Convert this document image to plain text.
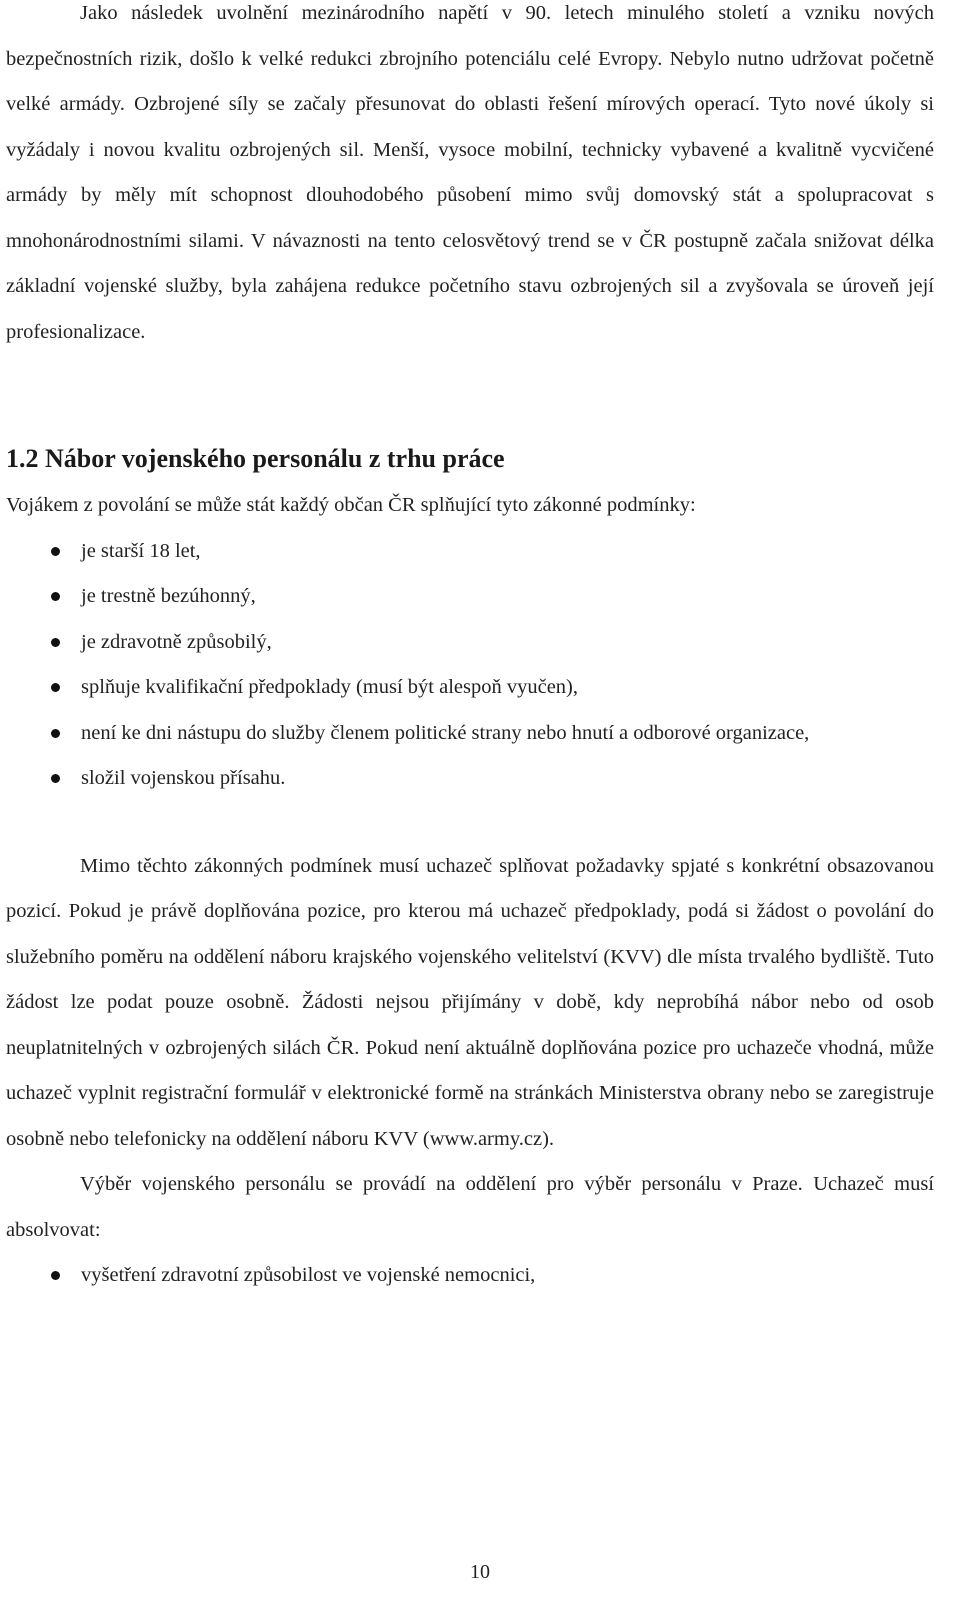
Jako následek uvolnění mezinárodního napětí v 90. letech minulého století a vzniku nových bezpečnostních rizik, došlo k velké redukci zbrojního potenciálu celé Evropy. Nebylo nutno udržovat početně velké armády. Ozbrojené síly se začaly přesunovat do oblasti řešení mírových operací. Tyto nové úkoly si vyžádaly i novou kvalitu ozbrojených sil. Menší, vysoce mobilní, technicky vybavené a kvalitně vycvičené armády by měly mít schopnost dlouhodobého působení mimo svůj domovský stát a spolupracovat s mnohonárodnostními silami. V návaznosti na tento celosvětový trend se v ČR postupně začala snižovat délka základní vojenské služby, byla zahájena redukce početního stavu ozbrojených sil a zvyšovala se úroveň její profesionalizace.

1.2 Nábor vojenského personálu z trhu práce

Vojákem z povolání se může stát každý občan ČR splňující tyto zákonné podmínky:

je starší 18 let,
je trestně bezúhonný,
je zdravotně způsobilý,
splňuje kvalifikační předpoklady (musí být alespoň vyučen),
není ke dni nástupu do služby členem politické strany nebo hnutí a odborové organizace,
složil vojenskou přísahu.

Mimo těchto zákonných podmínek musí uchazeč splňovat požadavky spjaté s konkrétní obsazovanou pozicí. Pokud je právě doplňována pozice, pro kterou má uchazeč předpoklady, podá si žádost o povolání do služebního poměru na oddělení náboru krajského vojenského velitelství (KVV) dle místa trvalého bydliště. Tuto žádost lze podat pouze osobně. Žádosti nejsou přijímány v době, kdy neprobíhá nábor nebo od osob neuplatnitelných v ozbrojených silách ČR. Pokud není aktuálně doplňována pozice pro uchazeče vhodná, může uchazeč vyplnit registrační formulář v elektronické formě na stránkách Ministerstva obrany nebo se zaregistruje osobně nebo telefonicky na oddělení náboru KVV (www.army.cz).

Výběr vojenského personálu se provádí na oddělení pro výběr personálu v Praze. Uchazeč musí absolvovat:

vyšetření zdravotní způsobilost ve vojenské nemocnici,
10
